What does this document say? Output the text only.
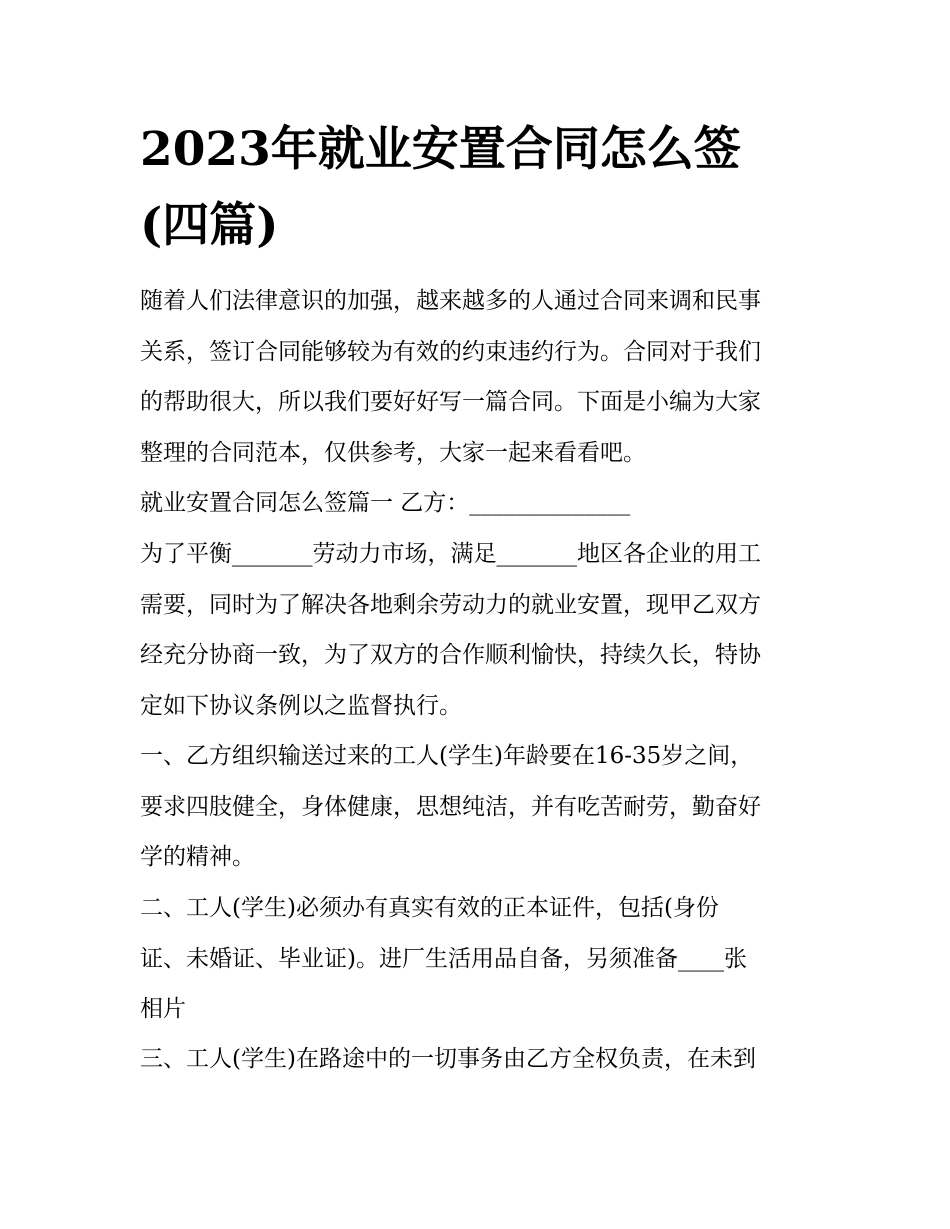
2023年就业安置合同怎么签
(四篇)

随着人们法律意识的加强，越来越多的人通过合同来调和民事
关系，签订合同能够较为有效的约束违约行为。合同对于我们
的帮助很大，所以我们要好好写一篇合同。下面是小编为大家
整理的合同范本，仅供参考，大家一起来看看吧。

就业安置合同怎么签篇一 乙方：______________

为了平衡_______劳动力市场，满足_______地区各企业的用工
需要，同时为了解决各地剩余劳动力的就业安置，现甲乙双方
经充分协商一致，为了双方的合作顺利愉快，持续久长，特协
定如下协议条例以之监督执行。

一、乙方组织输送过来的工人(学生)年龄要在16-35岁之间，
要求四肢健全，身体健康，思想纯洁，并有吃苦耐劳，勤奋好
学的精神。

二、工人(学生)必须办有真实有效的正本证件，包括(身份
证、未婚证、毕业证)。进厂生活用品自备，另须准备____张
相片

三、工人(学生)在路途中的一切事务由乙方全权负责，在未到
